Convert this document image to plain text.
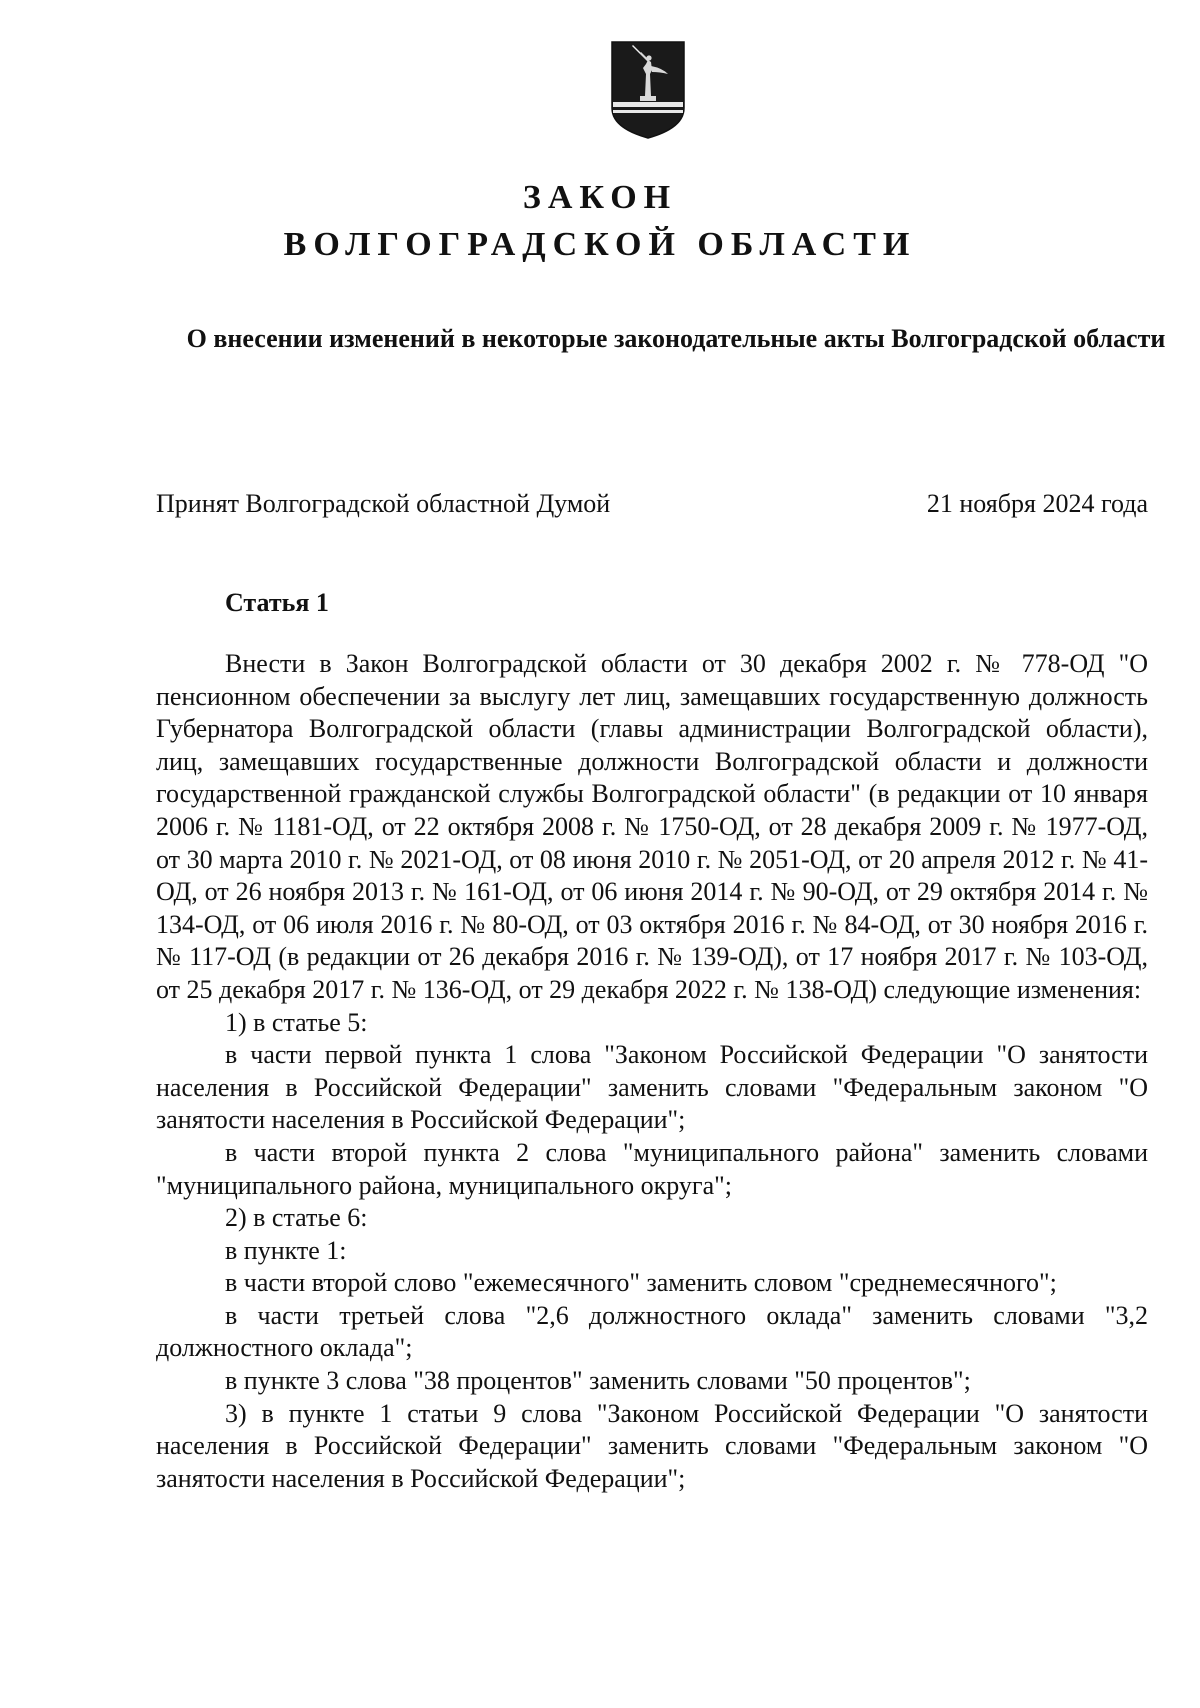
ЗАКОН
ВОЛГОГРАДСКОЙ ОБЛАСТИ
О внесении изменений в некоторые законодательные акты Волгоградской области
Принят Волгоградской областной Думой	21 ноября 2024 года
Статья 1

Внести в Закон Волгоградской области от 30 декабря 2002 г. № 778-ОД "О пенсионном обеспечении за выслугу лет лиц, замещавших государственную должность Губернатора Волгоградской области (главы администрации Волгоградской области), лиц, замещавших государственные должности Волгоградской области и должности государственной гражданской службы Волгоградской области" (в редакции от 10 января 2006 г. № 1181-ОД, от 22 октября 2008 г. № 1750-ОД, от 28 декабря 2009 г. № 1977-ОД, от 30 марта 2010 г. № 2021-ОД, от 08 июня 2010 г. № 2051-ОД, от 20 апреля 2012 г. № 41-ОД, от 26 ноября 2013 г. № 161-ОД, от 06 июня 2014 г. № 90-ОД, от 29 октября 2014 г. № 134-ОД, от 06 июля 2016 г. № 80-ОД, от 03 октября 2016 г. № 84-ОД, от 30 ноября 2016 г. № 117-ОД (в редакции от 26 декабря 2016 г. № 139-ОД), от 17 ноября 2017 г. № 103-ОД, от 25 декабря 2017 г. № 136-ОД, от 29 декабря 2022 г. № 138-ОД) следующие изменения:

1) в статье 5:

в части первой пункта 1 слова "Законом Российской Федерации "О занятости населения в Российской Федерации" заменить словами "Федеральным законом "О занятости населения в Российской Федерации";

в части второй пункта 2 слова "муниципального района" заменить словами "муниципального района, муниципального округа";

2) в статье 6:

в пункте 1:

в части второй слово "ежемесячного" заменить словом "среднемесячного";

в части третьей слова "2,6 должностного оклада" заменить словами "3,2 должностного оклада";

в пункте 3 слова "38 процентов" заменить словами "50 процентов";

3) в пункте 1 статьи 9 слова "Законом Российской Федерации "О занятости населения в Российской Федерации" заменить словами "Федеральным законом "О занятости населения в Российской Федерации";
